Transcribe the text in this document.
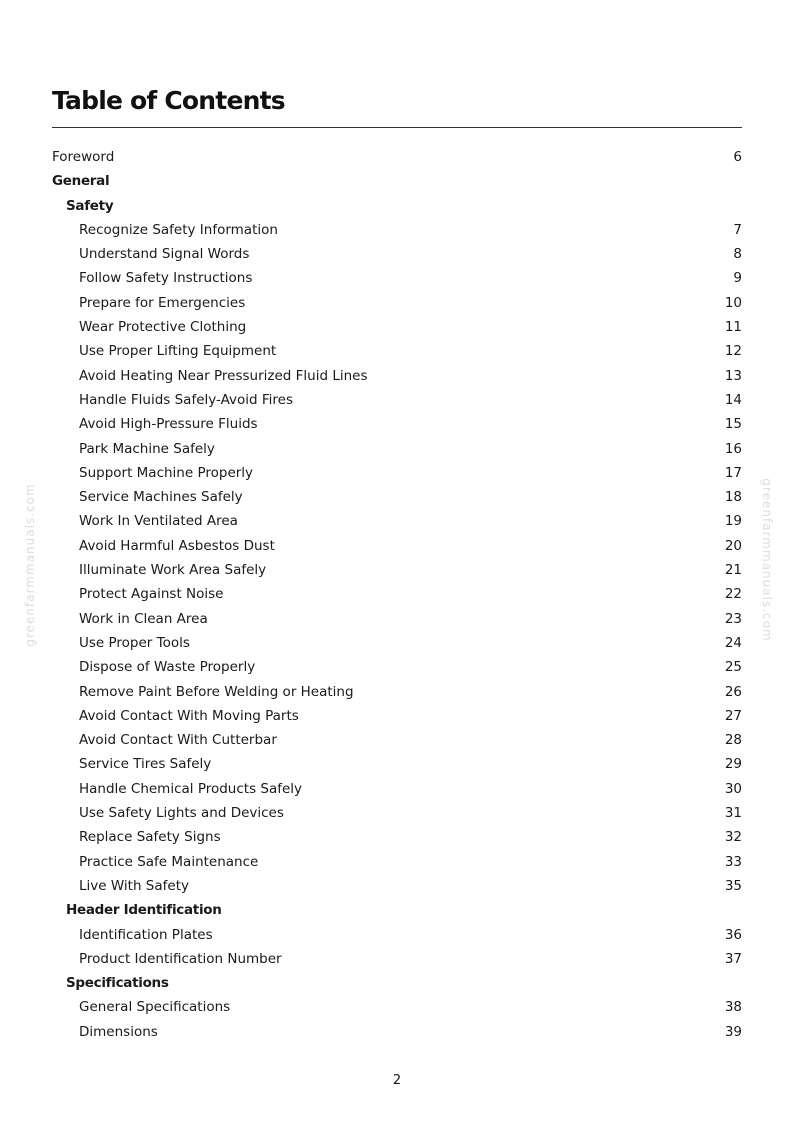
greenfarmmanuals.com	greenfarmmanuals.com
Table of Contents
Foreword	6
General
Safety
Recognize Safety Information	7
Understand Signal Words	8
Follow Safety Instructions	9
Prepare for Emergencies	10
Wear Protective Clothing	11
Use Proper Lifting Equipment	12
Avoid Heating Near Pressurized Fluid Lines	13
Handle Fluids Safely-Avoid Fires	14
Avoid High-Pressure Fluids	15
Park Machine Safely	16
Support Machine Properly	17
Service Machines Safely	18
Work In Ventilated Area	19
Avoid Harmful Asbestos Dust	20
Illuminate Work Area Safely	21
Protect Against Noise	22
Work in Clean Area	23
Use Proper Tools	24
Dispose of Waste Properly	25
Remove Paint Before Welding or Heating	26
Avoid Contact With Moving Parts	27
Avoid Contact With Cutterbar	28
Service Tires Safely	29
Handle Chemical Products Safely	30
Use Safety Lights and Devices	31
Replace Safety Signs	32
Practice Safe Maintenance	33
Live With Safety	35
Header Identification
Identification Plates	36
Product Identification Number	37
Specifications
General Specifications	38
Dimensions	39
2
